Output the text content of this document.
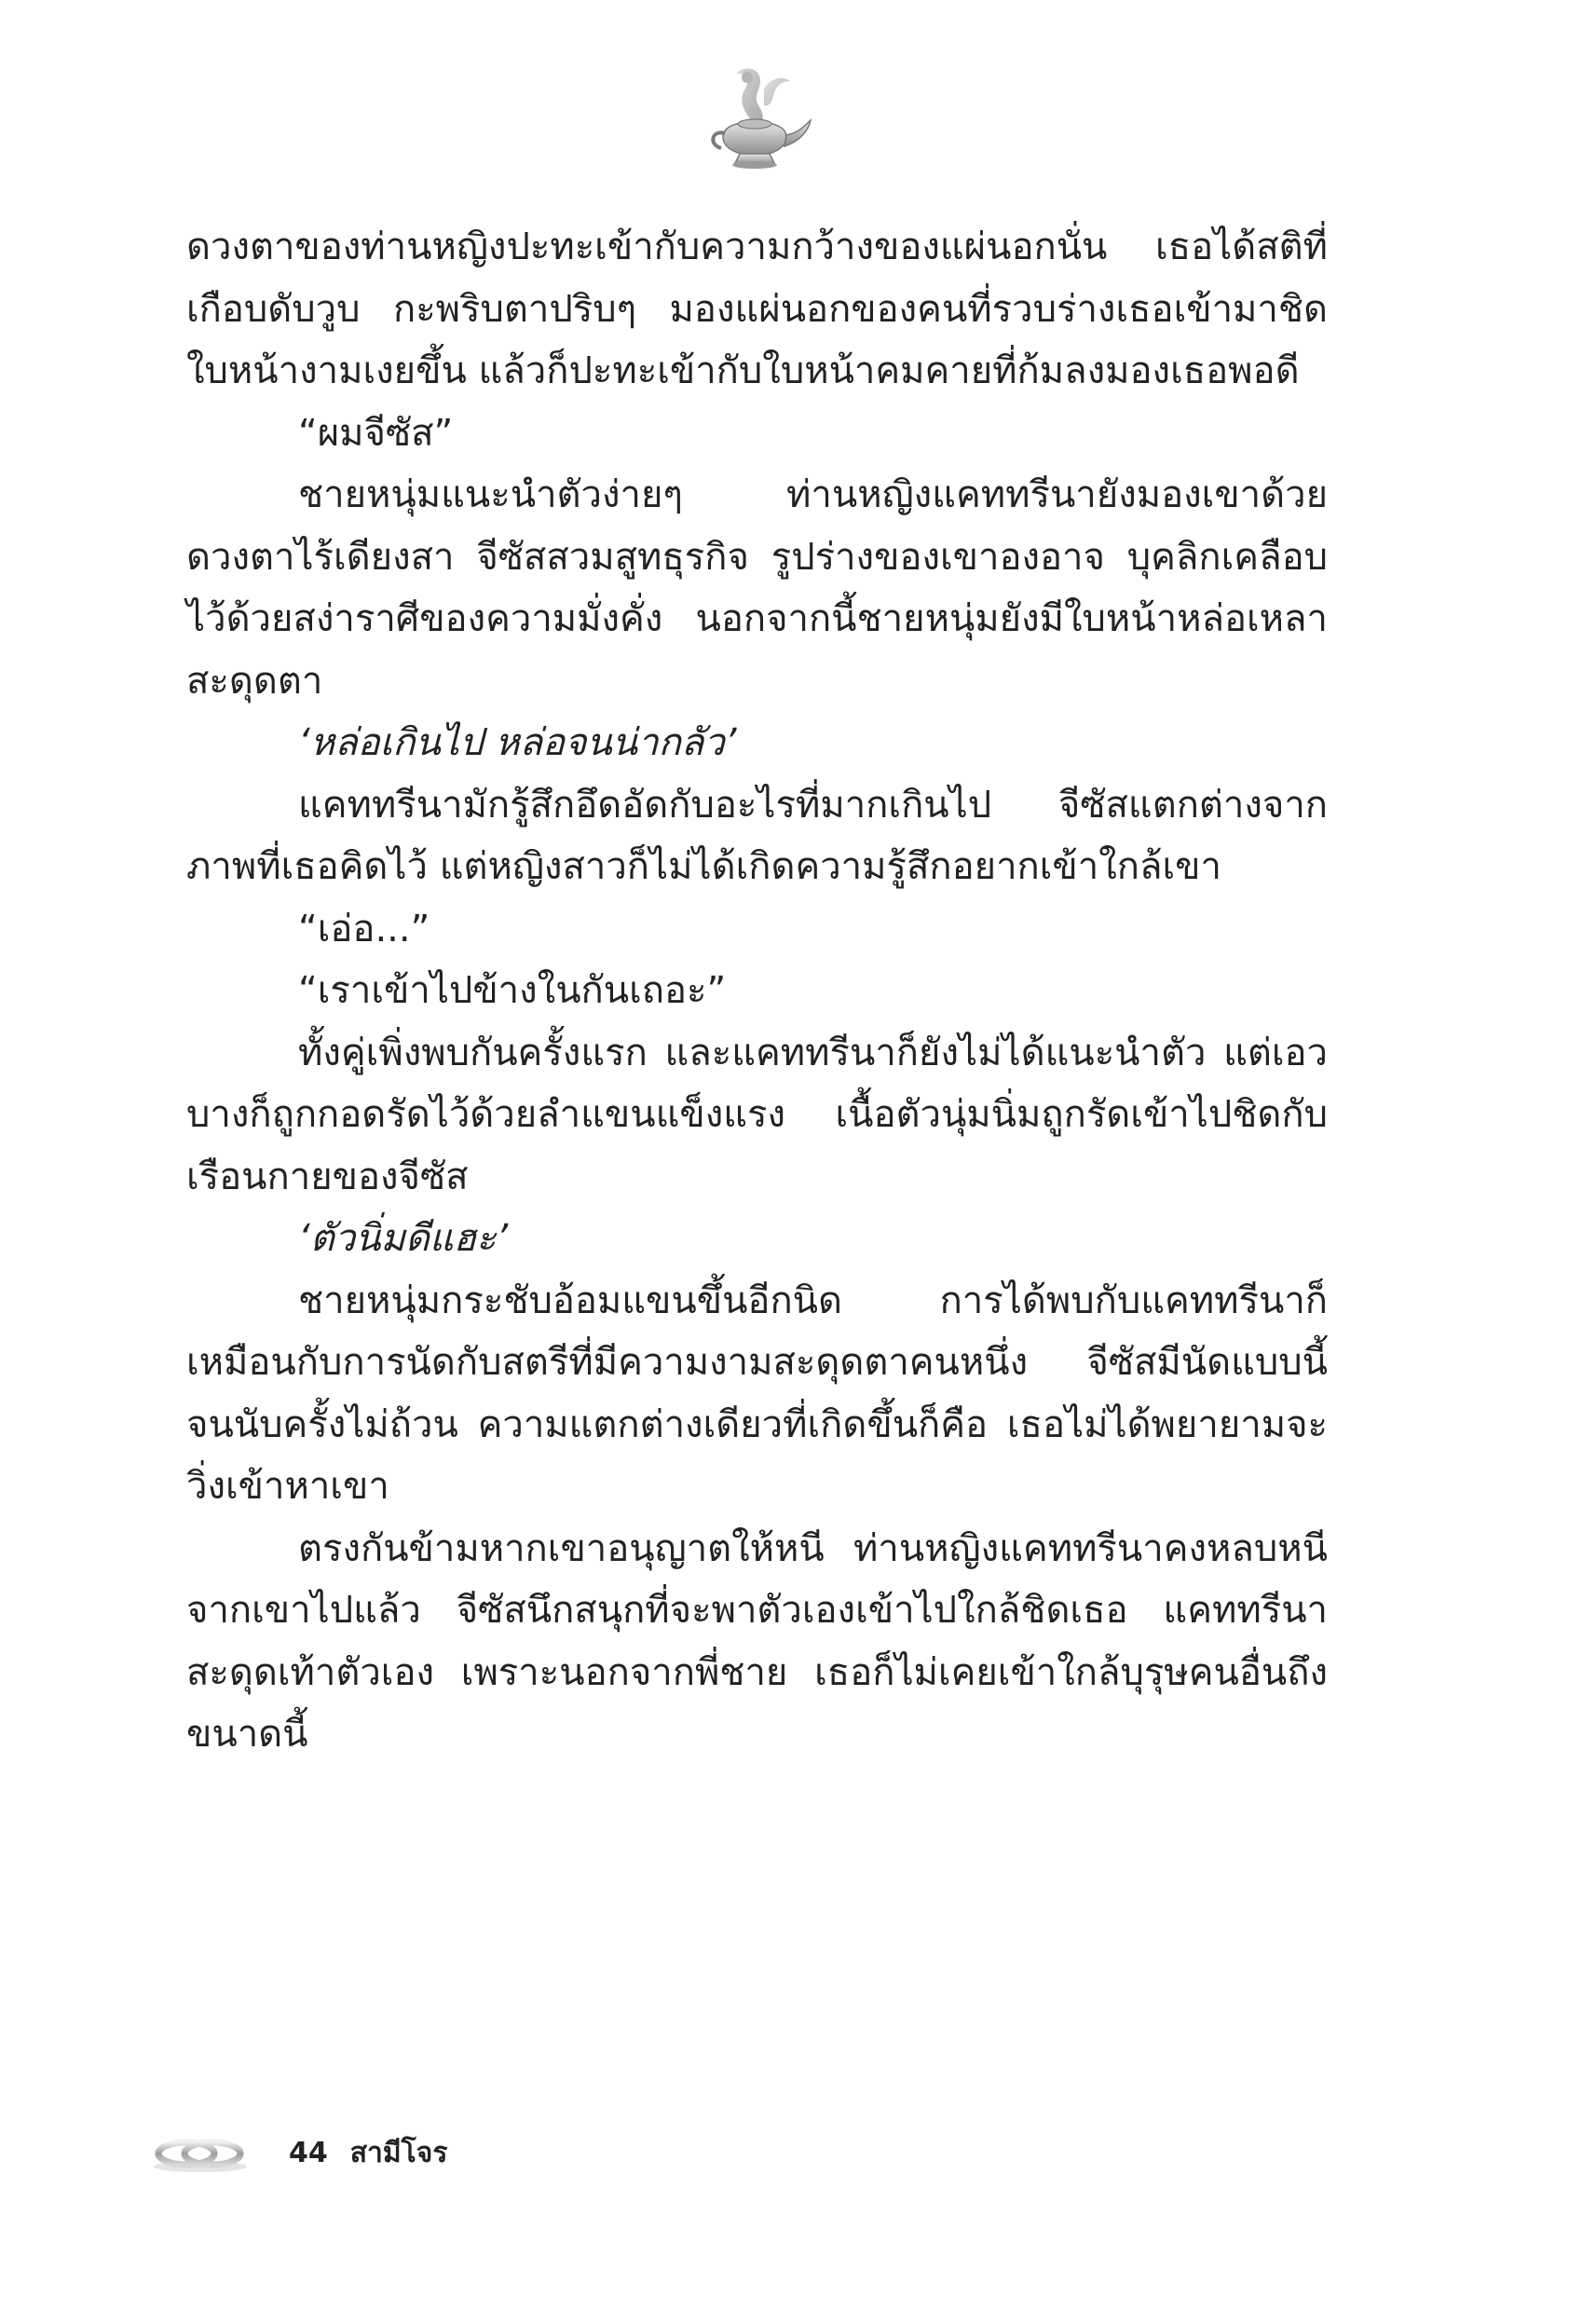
ดวงตาของท่านหญิงปะทะเข้ากับความกว้างของแผ่นอกนั่น เธอได้สติที่เกือบดับวูบ กะพริบตาปริบๆ มองแผ่นอกของคนที่รวบร่างเธอเข้ามาชิด ใบหน้างามเงยขึ้น แล้วก็ปะทะเข้ากับใบหน้าคมคายที่ก้มลงมองเธอพอดี

“ผมจีซัส”

ชายหนุ่มแนะนำตัวง่ายๆ ท่านหญิงแคททรีนายังมองเขาด้วยดวงตาไร้เดียงสา จีซัสสวมสูทธุรกิจ รูปร่างของเขาองอาจ บุคลิกเคลือบไว้ด้วยสง่าราศีของความมั่งคั่ง นอกจากนี้ชายหนุ่มยังมีใบหน้าหล่อเหลาสะดุดตา

‘หล่อเกินไป หล่อจนน่ากลัว’

แคททรีนามักรู้สึกอึดอัดกับอะไรที่มากเกินไป จีซัสแตกต่างจากภาพที่เธอคิดไว้ แต่หญิงสาวก็ไม่ได้เกิดความรู้สึกอยากเข้าใกล้เขา

“เอ่อ...”

“เราเข้าไปข้างในกันเถอะ”

ทั้งคู่เพิ่งพบกันครั้งแรก และแคททรีนาก็ยังไม่ได้แนะนำตัว แต่เอวบางก็ถูกกอดรัดไว้ด้วยลำแขนแข็งแรง เนื้อตัวนุ่มนิ่มถูกรัดเข้าไปชิดกับเรือนกายของจีซัส

‘ตัวนิ่มดีแฮะ’

ชายหนุ่มกระชับอ้อมแขนขึ้นอีกนิด การได้พบกับแคททรีนาก็เหมือนกับการนัดกับสตรีที่มีความงามสะดุดตาคนหนึ่ง จีซัสมีนัดแบบนี้จนนับครั้งไม่ถ้วน ความแตกต่างเดียวที่เกิดขึ้นก็คือ เธอไม่ได้พยายามจะวิ่งเข้าหาเขา

ตรงกันข้ามหากเขาอนุญาตให้หนี ท่านหญิงแคททรีนาคงหลบหนีจากเขาไปแล้ว จีซัสนึกสนุกที่จะพาตัวเองเข้าไปใกล้ชิดเธอ แคททรีนาสะดุดเท้าตัวเอง เพราะนอกจากพี่ชาย เธอก็ไม่เคยเข้าใกล้บุรุษคนอื่นถึงขนาดนี้

44 สามีโจร
